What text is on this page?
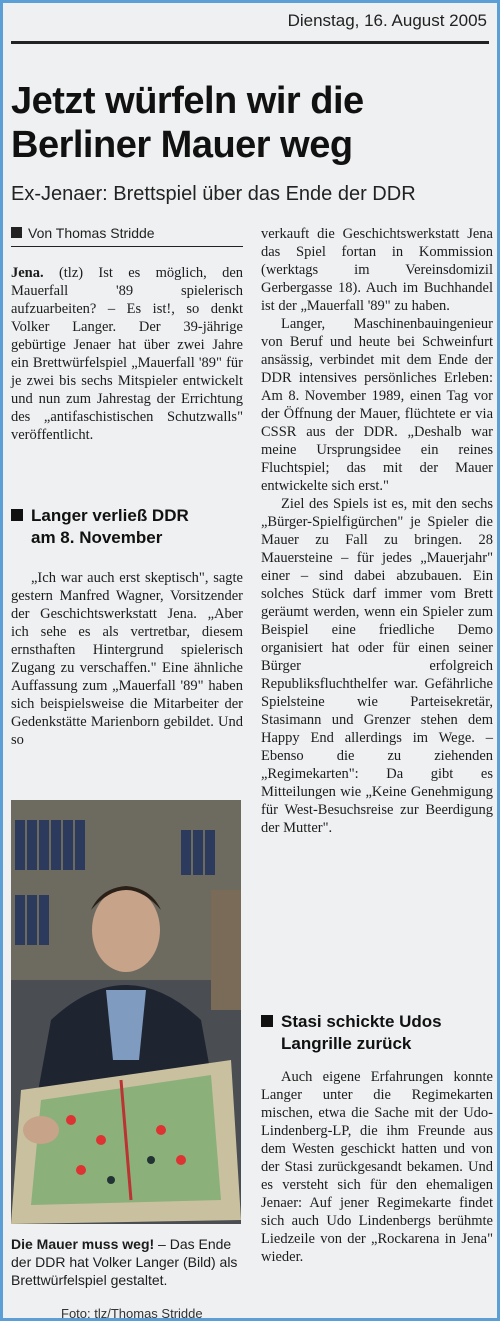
Dienstag, 16. August 2005
Jetzt würfeln wir die
Berliner Mauer weg
Ex-Jenaer: Brettspiel über das Ende der DDR
Von Thomas Stridde

Jena. (tlz) Ist es möglich, den Mauerfall '89 spielerisch aufzuarbeiten? – Es ist!, so denkt Volker Langer. Der 39-jährige gebürtige Jenaer hat über zwei Jahre ein Brettwürfelspiel „Mauerfall '89" für je zwei bis sechs Mitspieler entwickelt und nun zum Jahrestag der Errichtung des „antifaschistischen Schutzwalls" veröffentlicht.

Langer verließ DDR
am 8. November

„Ich war auch erst skeptisch", sagte gestern Manfred Wagner, Vorsitzender der Geschichtswerkstatt Jena. „Aber ich sehe es als vertretbar, diesem ernsthaften Hintergrund spielerisch Zugang zu verschaffen." Eine ähnliche Auffassung zum „Mauerfall '89" haben sich beispielsweise die Mitarbeiter der Gedenkstätte Marienborn gebildet. Und so

Die Mauer muss weg! – Das Ende der DDR hat Volker Langer (Bild) als Brettwürfelspiel gestaltet.
Foto: tlz/Thomas Stridde

verkauft die Geschichtswerkstatt Jena das Spiel fortan in Kommission (werktags im Vereinsdomizil Gerbergasse 18). Auch im Buchhandel ist der „Mauerfall '89" zu haben.

Langer, Maschinenbauingenieur von Beruf und heute bei Schweinfurt ansässig, verbindet mit dem Ende der DDR intensives persönliches Erleben: Am 8. November 1989, einen Tag vor der Öffnung der Mauer, flüchtete er via CSSR aus der DDR. „Deshalb war meine Ursprungsidee ein reines Fluchtspiel; das mit der Mauer entwickelte sich erst."

Ziel des Spiels ist es, mit den sechs „Bürger-Spielfigürchen" je Spieler die Mauer zu Fall zu bringen. 28 Mauersteine – für jedes „Mauerjahr" einer – sind dabei abzubauen. Ein solches Stück darf immer vom Brett geräumt werden, wenn ein Spieler zum Beispiel eine friedliche Demo organisiert hat oder für einen seiner Bürger erfolgreich Republiksfluchthelfer war. Gefährliche Spielsteine wie Parteisekretär, Stasimann und Grenzer stehen dem Happy End allerdings im Wege. – Ebenso die zu ziehenden „Regimekarten": Da gibt es Mitteilungen wie „Keine Genehmigung für West-Besuchsreise zur Beerdigung der Mutter".

Stasi schickte Udos
Langrille zurück

Auch eigene Erfahrungen konnte Langer unter die Regimekarten mischen, etwa die Sache mit der Udo-Lindenberg-LP, die ihm Freunde aus dem Westen geschickt hatten und von der Stasi zurückgesandt bekamen. Und es versteht sich für den ehemaligen Jenaer: Auf jener Regimekarte findet sich auch Udo Lindenbergs berühmte Liedzeile von der „Rockarena in Jena" wieder.
